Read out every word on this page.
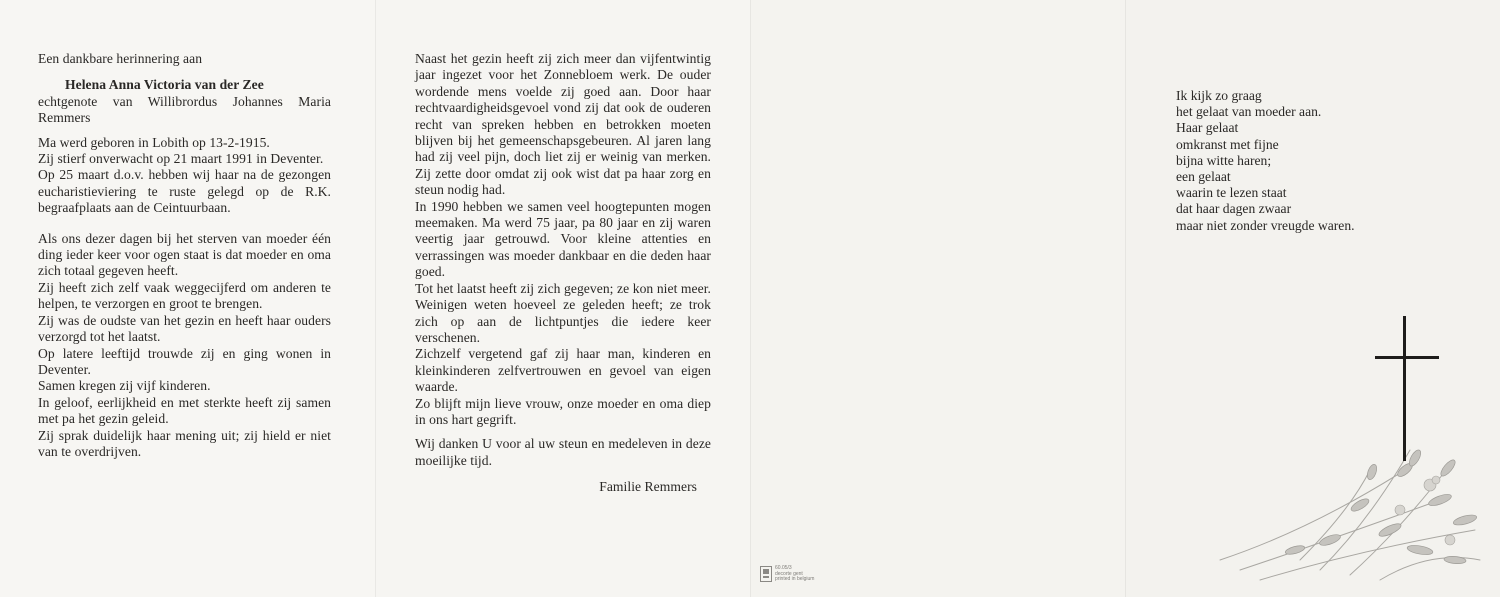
Een dankbare herinnering aan

Helena Anna Victoria van der Zee

echtgenote van Willibrordus Johannes Maria Remmers

Ma werd geboren in Lobith op 13-2-1915.

Zij stierf onverwacht op 21 maart 1991 in Deventer.

Op 25 maart d.o.v. hebben wij haar na de gezongen eucharistieviering te ruste gelegd op de R.K. begraafplaats aan de Ceintuurbaan.

Als ons dezer dagen bij het sterven van moeder één ding ieder keer voor ogen staat is dat moeder en oma zich totaal gegeven heeft.

Zij heeft zich zelf vaak weggecijferd om anderen te helpen, te verzorgen en groot te brengen.

Zij was de oudste van het gezin en heeft haar ouders verzorgd tot het laatst.

Op latere leeftijd trouwde zij en ging wonen in Deventer.

Samen kregen zij vijf kinderen.

In geloof, eerlijkheid en met sterkte heeft zij samen met pa het gezin geleid.

Zij sprak duidelijk haar mening uit; zij hield er niet van te overdrijven.

Naast het gezin heeft zij zich meer dan vijfentwintig jaar ingezet voor het Zonnebloem werk. De ouder wordende mens voelde zij goed aan. Door haar rechtvaardigheidsgevoel vond zij dat ook de ouderen recht van spreken hebben en betrokken moeten blijven bij het gemeenschapsgebeuren. Al jaren lang had zij veel pijn, doch liet zij er weinig van merken. Zij zette door omdat zij ook wist dat pa haar zorg en steun nodig had.

In 1990 hebben we samen veel hoogtepunten mogen meemaken. Ma werd 75 jaar, pa 80 jaar en zij waren veertig jaar getrouwd. Voor kleine attenties en verrassingen was moeder dankbaar en die deden haar goed.

Tot het laatst heeft zij zich gegeven; ze kon niet meer. Weinigen weten hoeveel ze geleden heeft; ze trok zich op aan de lichtpuntjes die iedere keer verschenen.

Zichzelf vergetend gaf zij haar man, kinderen en kleinkinderen zelfvertrouwen en gevoel van eigen waarde.

Zo blijft mijn lieve vrouw, onze moeder en oma diep in ons hart gegrift.

Wij danken U voor al uw steun en medeleven in deze moeilijke tijd.

Familie Remmers

60.05/3
decorte gent
printed in belgium

Ik kijk zo graag

het gelaat van moeder aan.

Haar gelaat

omkranst met fijne

bijna witte haren;

een gelaat

waarin te lezen staat

dat haar dagen zwaar

maar niet zonder vreugde waren.
